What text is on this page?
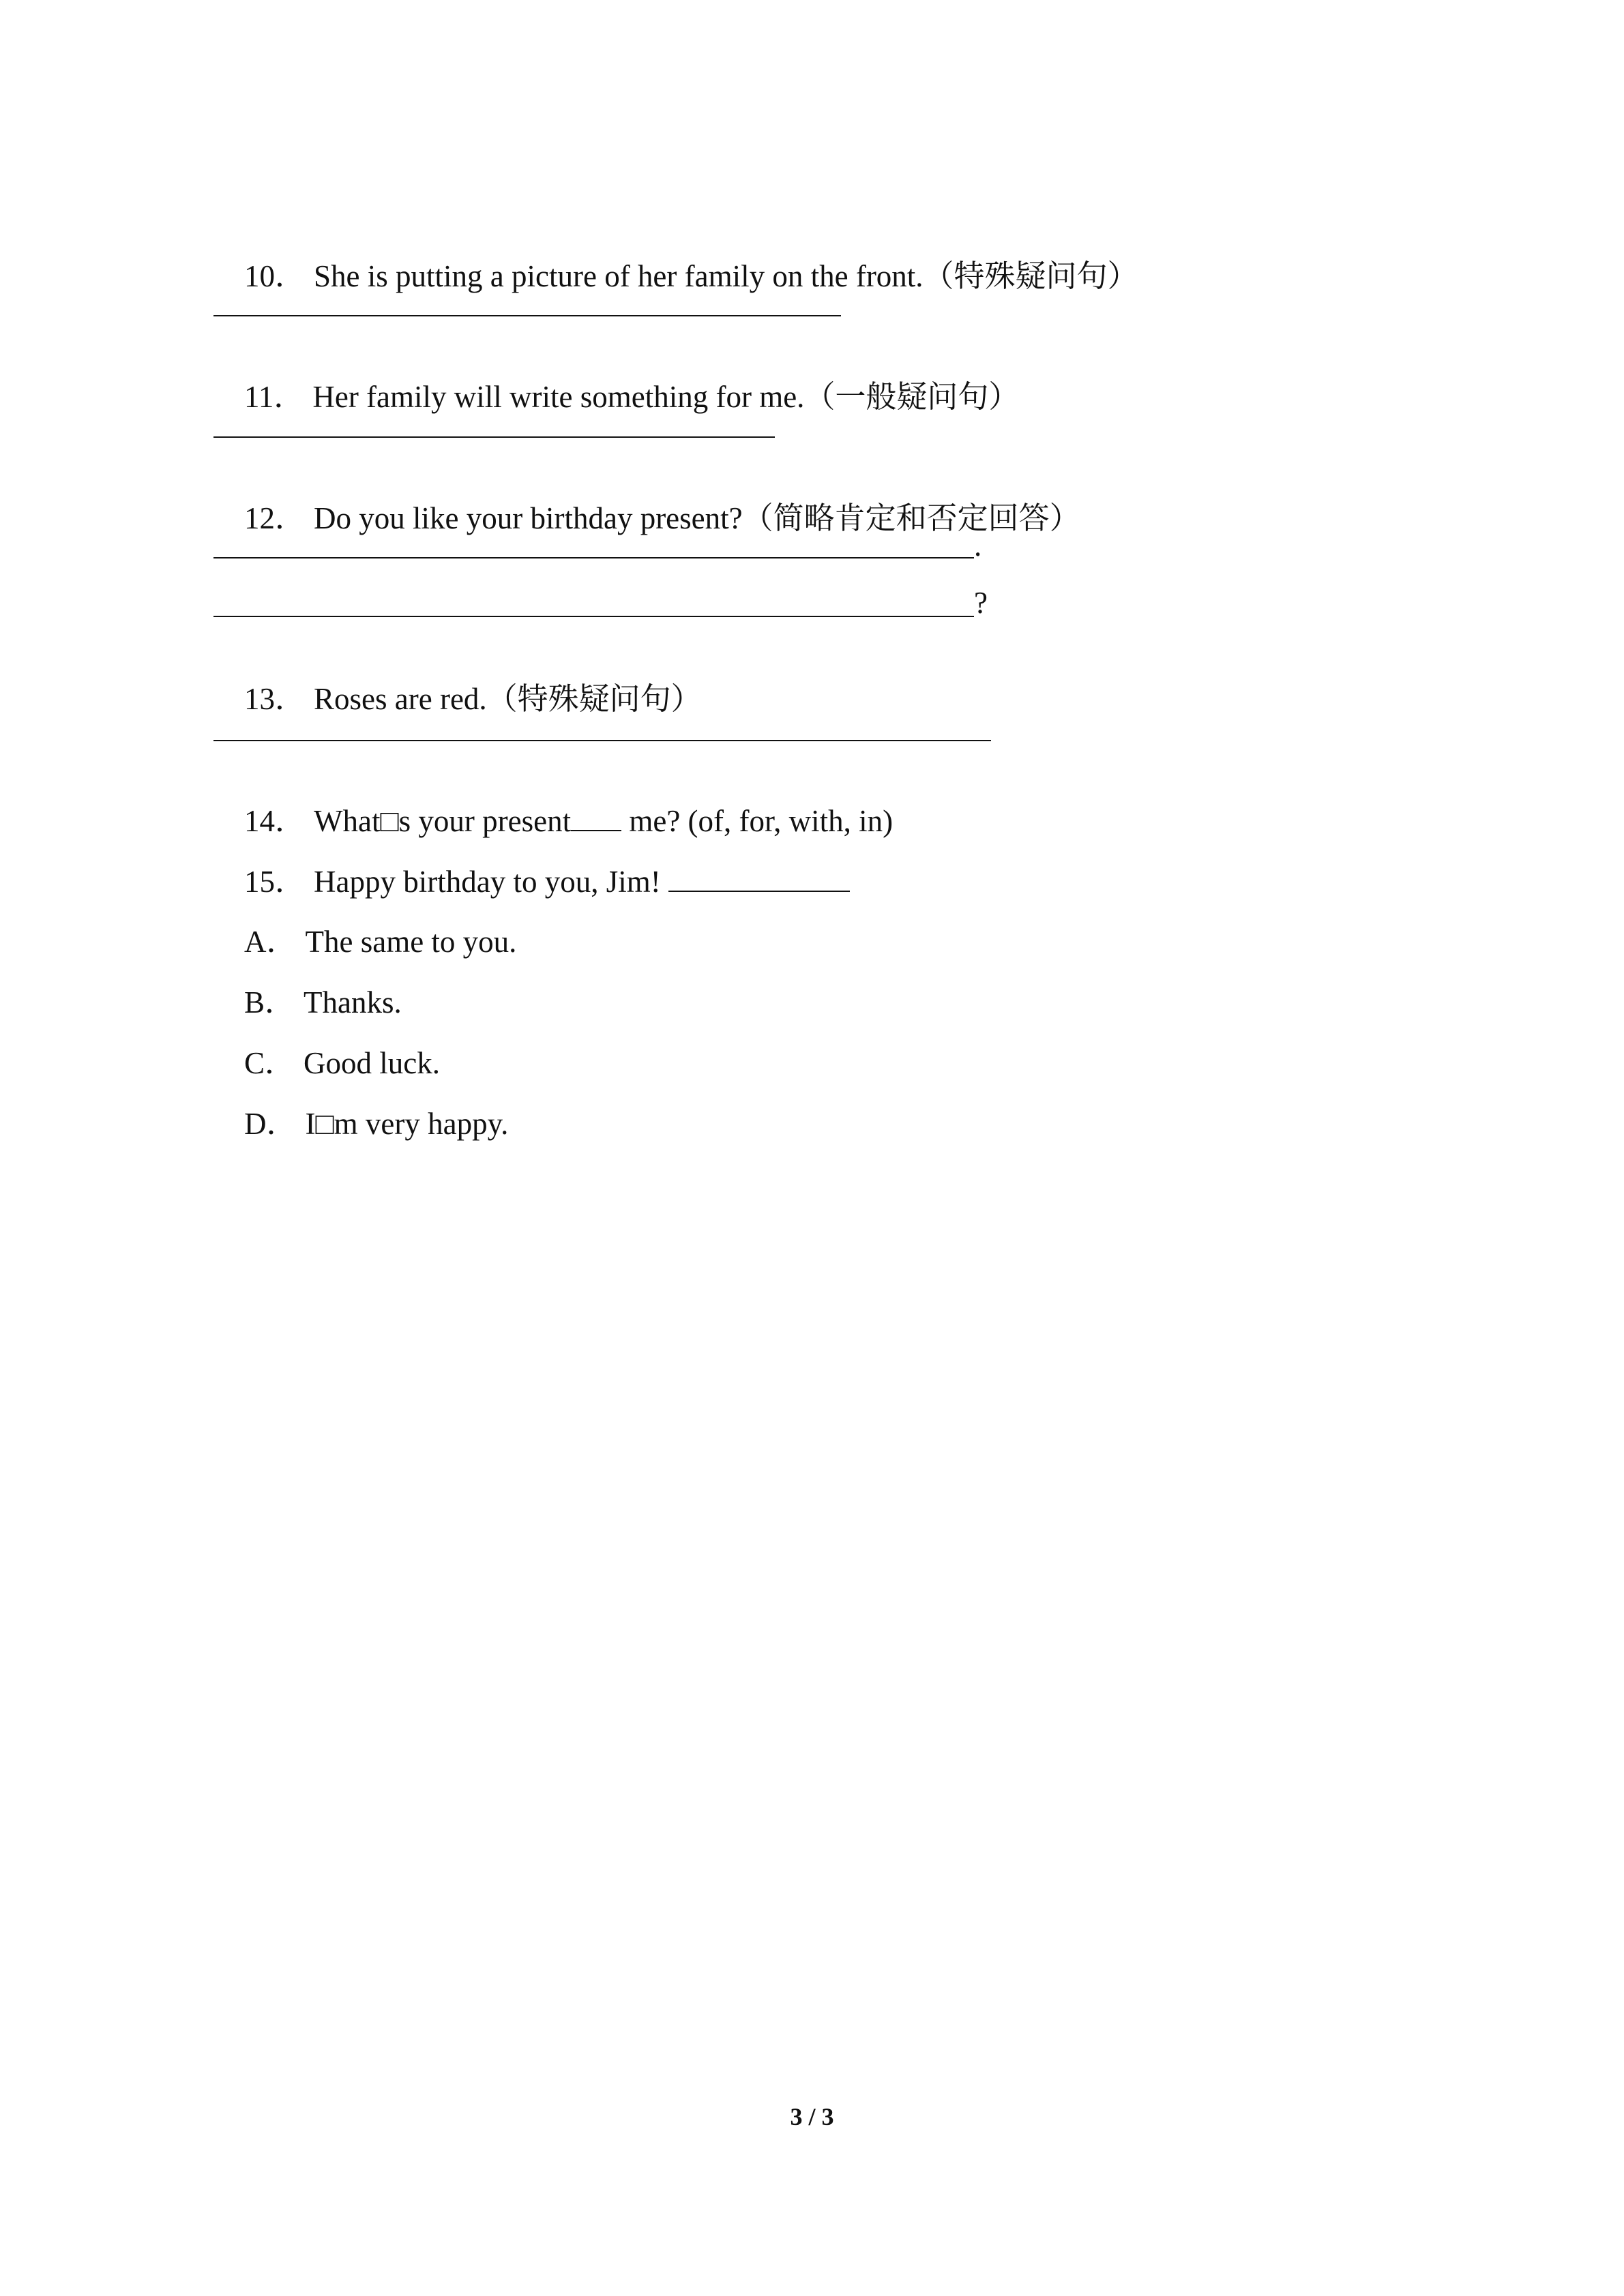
10． She is putting a picture of her family on the front.（特殊疑问句）

11． Her family will write something for me.（一般疑问句）

12． Do you like your birthday present?（简略肯定和否定回答）

.
?

13． Roses are red.（特殊疑问句）

14． What□s your present me? (of, for, with, in)

15． Happy birthday to you, Jim!

A． The same to you.

B． Thanks.

C． Good luck.

D． I□m very happy.

3 / 3
